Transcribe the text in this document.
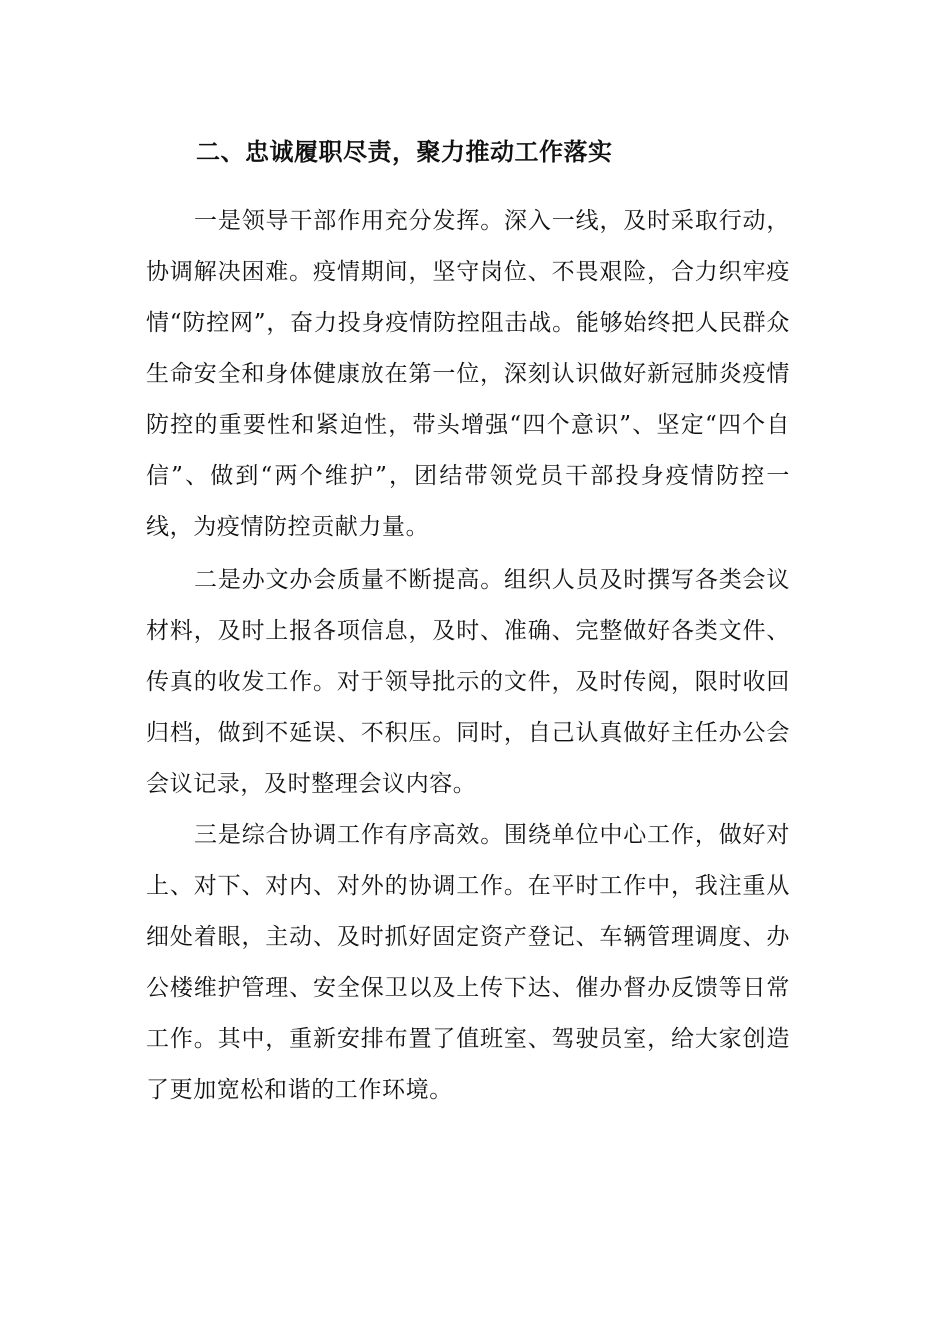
二、忠诚履职尽责，聚力推动工作落实

一是领导干部作用充分发挥。深入一线，及时采取行动，协调解决困难。疫情期间，坚守岗位、不畏艰险，合力织牢疫情“防控网”，奋力投身疫情防控阻击战。能够始终把人民群众生命安全和身体健康放在第一位，深刻认识做好新冠肺炎疫情防控的重要性和紧迫性，带头增强“四个意识”、坚定“四个自信”、做到“两个维护”，团结带领党员干部投身疫情防控一线，为疫情防控贡献力量。

二是办文办会质量不断提高。组织人员及时撰写各类会议材料，及时上报各项信息，及时、准确、完整做好各类文件、传真的收发工作。对于领导批示的文件，及时传阅，限时收回归档，做到不延误、不积压。同时，自己认真做好主任办公会会议记录，及时整理会议内容。

三是综合协调工作有序高效。围绕单位中心工作，做好对上、对下、对内、对外的协调工作。在平时工作中，我注重从细处着眼，主动、及时抓好固定资产登记、车辆管理调度、办公楼维护管理、安全保卫以及上传下达、催办督办反馈等日常工作。其中，重新安排布置了值班室、驾驶员室，给大家创造了更加宽松和谐的工作环境。
